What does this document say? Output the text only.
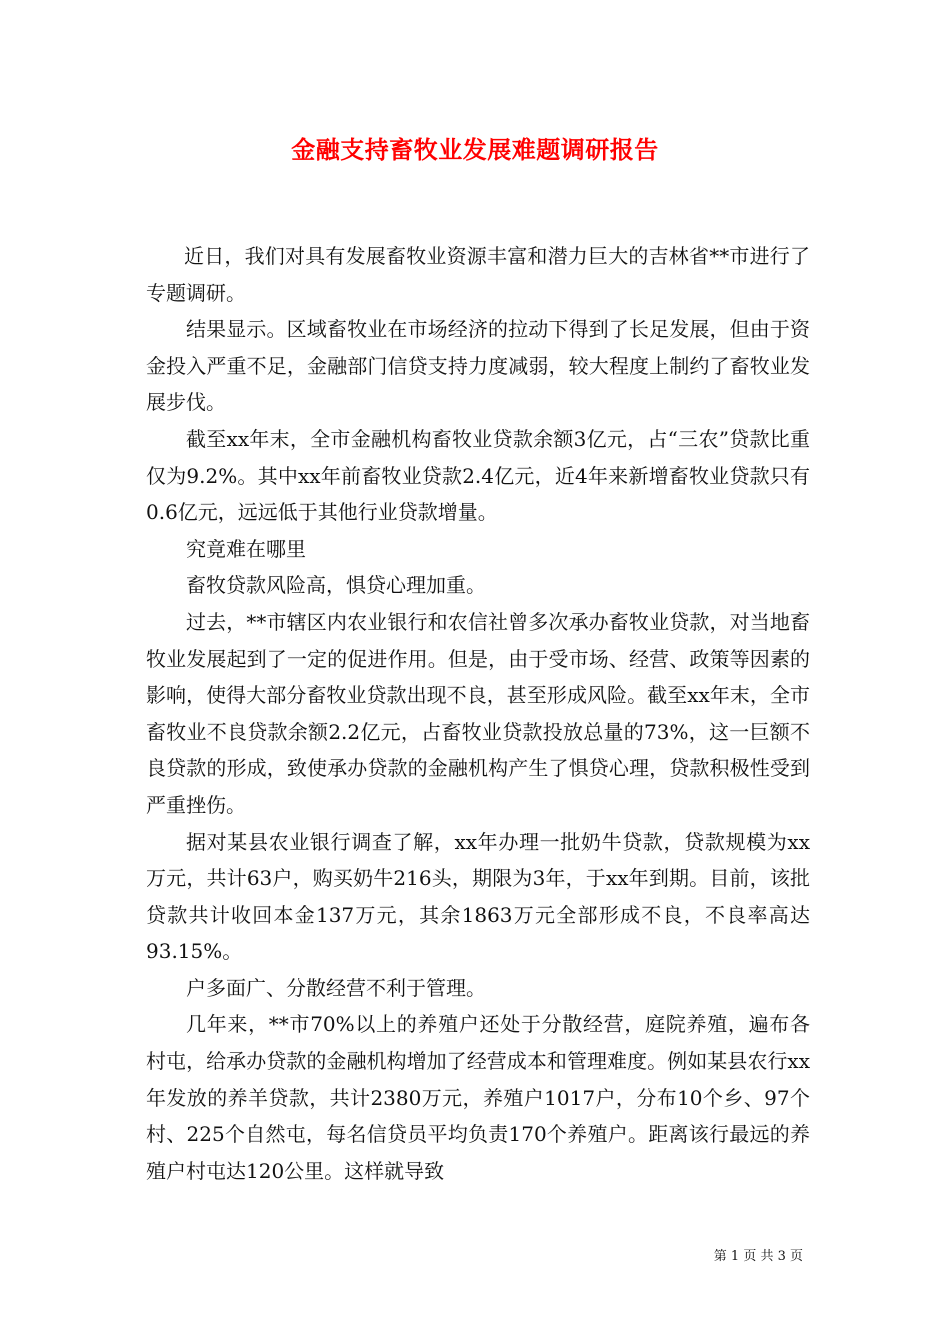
金融支持畜牧业发展难题调研报告

近日，我们对具有发展畜牧业资源丰富和潜力巨大的吉林省**市进行了专题调研。

结果显示。区域畜牧业在市场经济的拉动下得到了长足发展，但由于资金投入严重不足，金融部门信贷支持力度减弱，较大程度上制约了畜牧业发展步伐。

截至xx年末，全市金融机构畜牧业贷款余额3亿元，占“三农”贷款比重仅为9.2%。其中xx年前畜牧业贷款2.4亿元，近4年来新增畜牧业贷款只有0.6亿元，远远低于其他行业贷款增量。

究竟难在哪里

畜牧贷款风险高，惧贷心理加重。

过去，**市辖区内农业银行和农信社曾多次承办畜牧业贷款，对当地畜牧业发展起到了一定的促进作用。但是，由于受市场、经营、政策等因素的影响，使得大部分畜牧业贷款出现不良，甚至形成风险。截至xx年末，全市畜牧业不良贷款余额2.2亿元，占畜牧业贷款投放总量的73%，这一巨额不良贷款的形成，致使承办贷款的金融机构产生了惧贷心理，贷款积极性受到严重挫伤。

据对某县农业银行调查了解，xx年办理一批奶牛贷款，贷款规模为xx万元，共计63户，购买奶牛216头，期限为3年，于xx年到期。目前，该批贷款共计收回本金137万元，其余1863万元全部形成不良，不良率高达93.15%。

户多面广、分散经营不利于管理。

几年来，**市70%以上的养殖户还处于分散经营，庭院养殖，遍布各村屯，给承办贷款的金融机构增加了经营成本和管理难度。例如某县农行xx年发放的养羊贷款，共计2380万元，养殖户1017户，分布10个乡、97个村、225个自然屯，每名信贷员平均负责170个养殖户。距离该行最远的养殖户村屯达120公里。这样就导致

第 1 页 共 3 页
